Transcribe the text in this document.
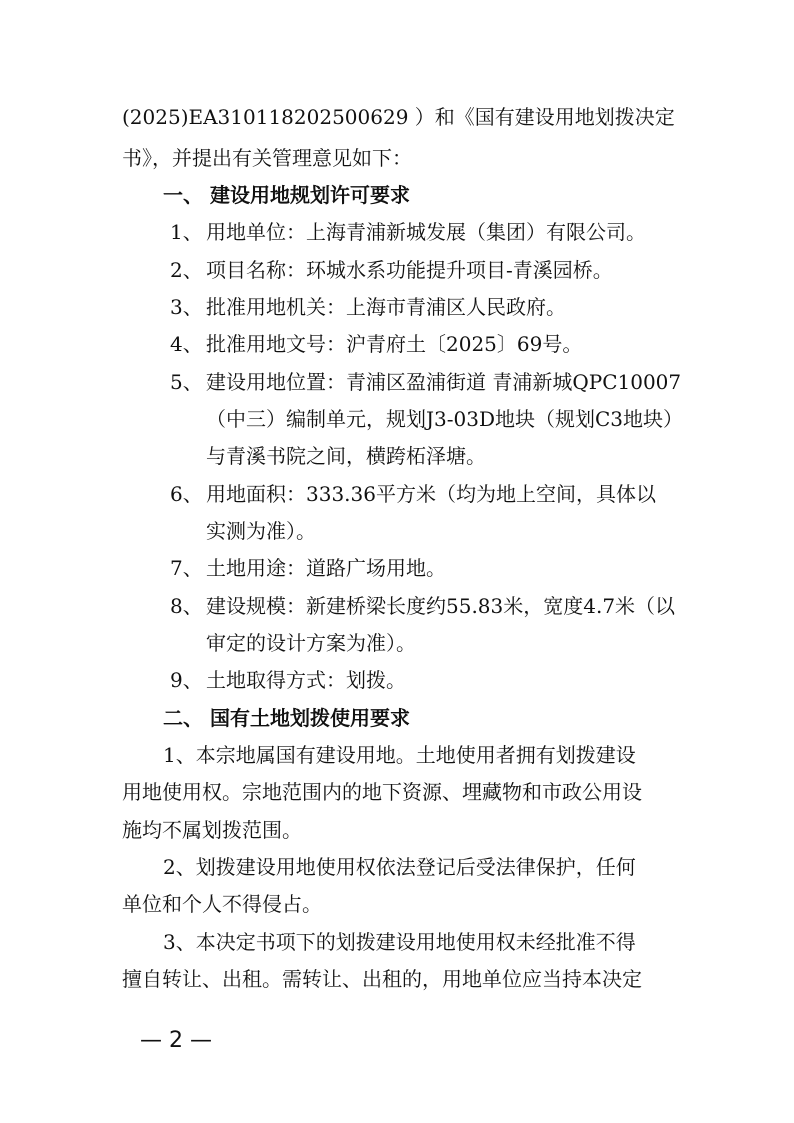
(2025)EA310118202500629 ）和《国有建设用地划拨决定
书》，并提出有关管理意见如下：
一、 建设用地规划许可要求
1、 用地单位：上海青浦新城发展（集团）有限公司。
2、 项目名称：环城水系功能提升项目-青溪园桥。
3、 批准用地机关：上海市青浦区人民政府。
4、 批准用地文号：沪青府土〔2025〕69号。
5、 建设用地位置：青浦区盈浦街道 青浦新城QPC10007
（中三）编制单元，规划J3-03D地块（规划C3地块）
与青溪书院之间，横跨柘泽塘。
6、 用地面积：333.36平方米（均为地上空间，具体以
实测为准）。
7、 土地用途：道路广场用地。
8、 建设规模：新建桥梁长度约55.83米，宽度4.7米（以
审定的设计方案为准）。
9、 土地取得方式：划拨。
二、 国有土地划拨使用要求
1、本宗地属国有建设用地。土地使用者拥有划拨建设
用地使用权。宗地范围内的地下资源、埋藏物和市政公用设
施均不属划拨范围。
2、划拨建设用地使用权依法登记后受法律保护，任何
单位和个人不得侵占。
3、本决定书项下的划拨建设用地使用权未经批准不得
擅自转让、出租。需转让、出租的，用地单位应当持本决定
— 2 —
